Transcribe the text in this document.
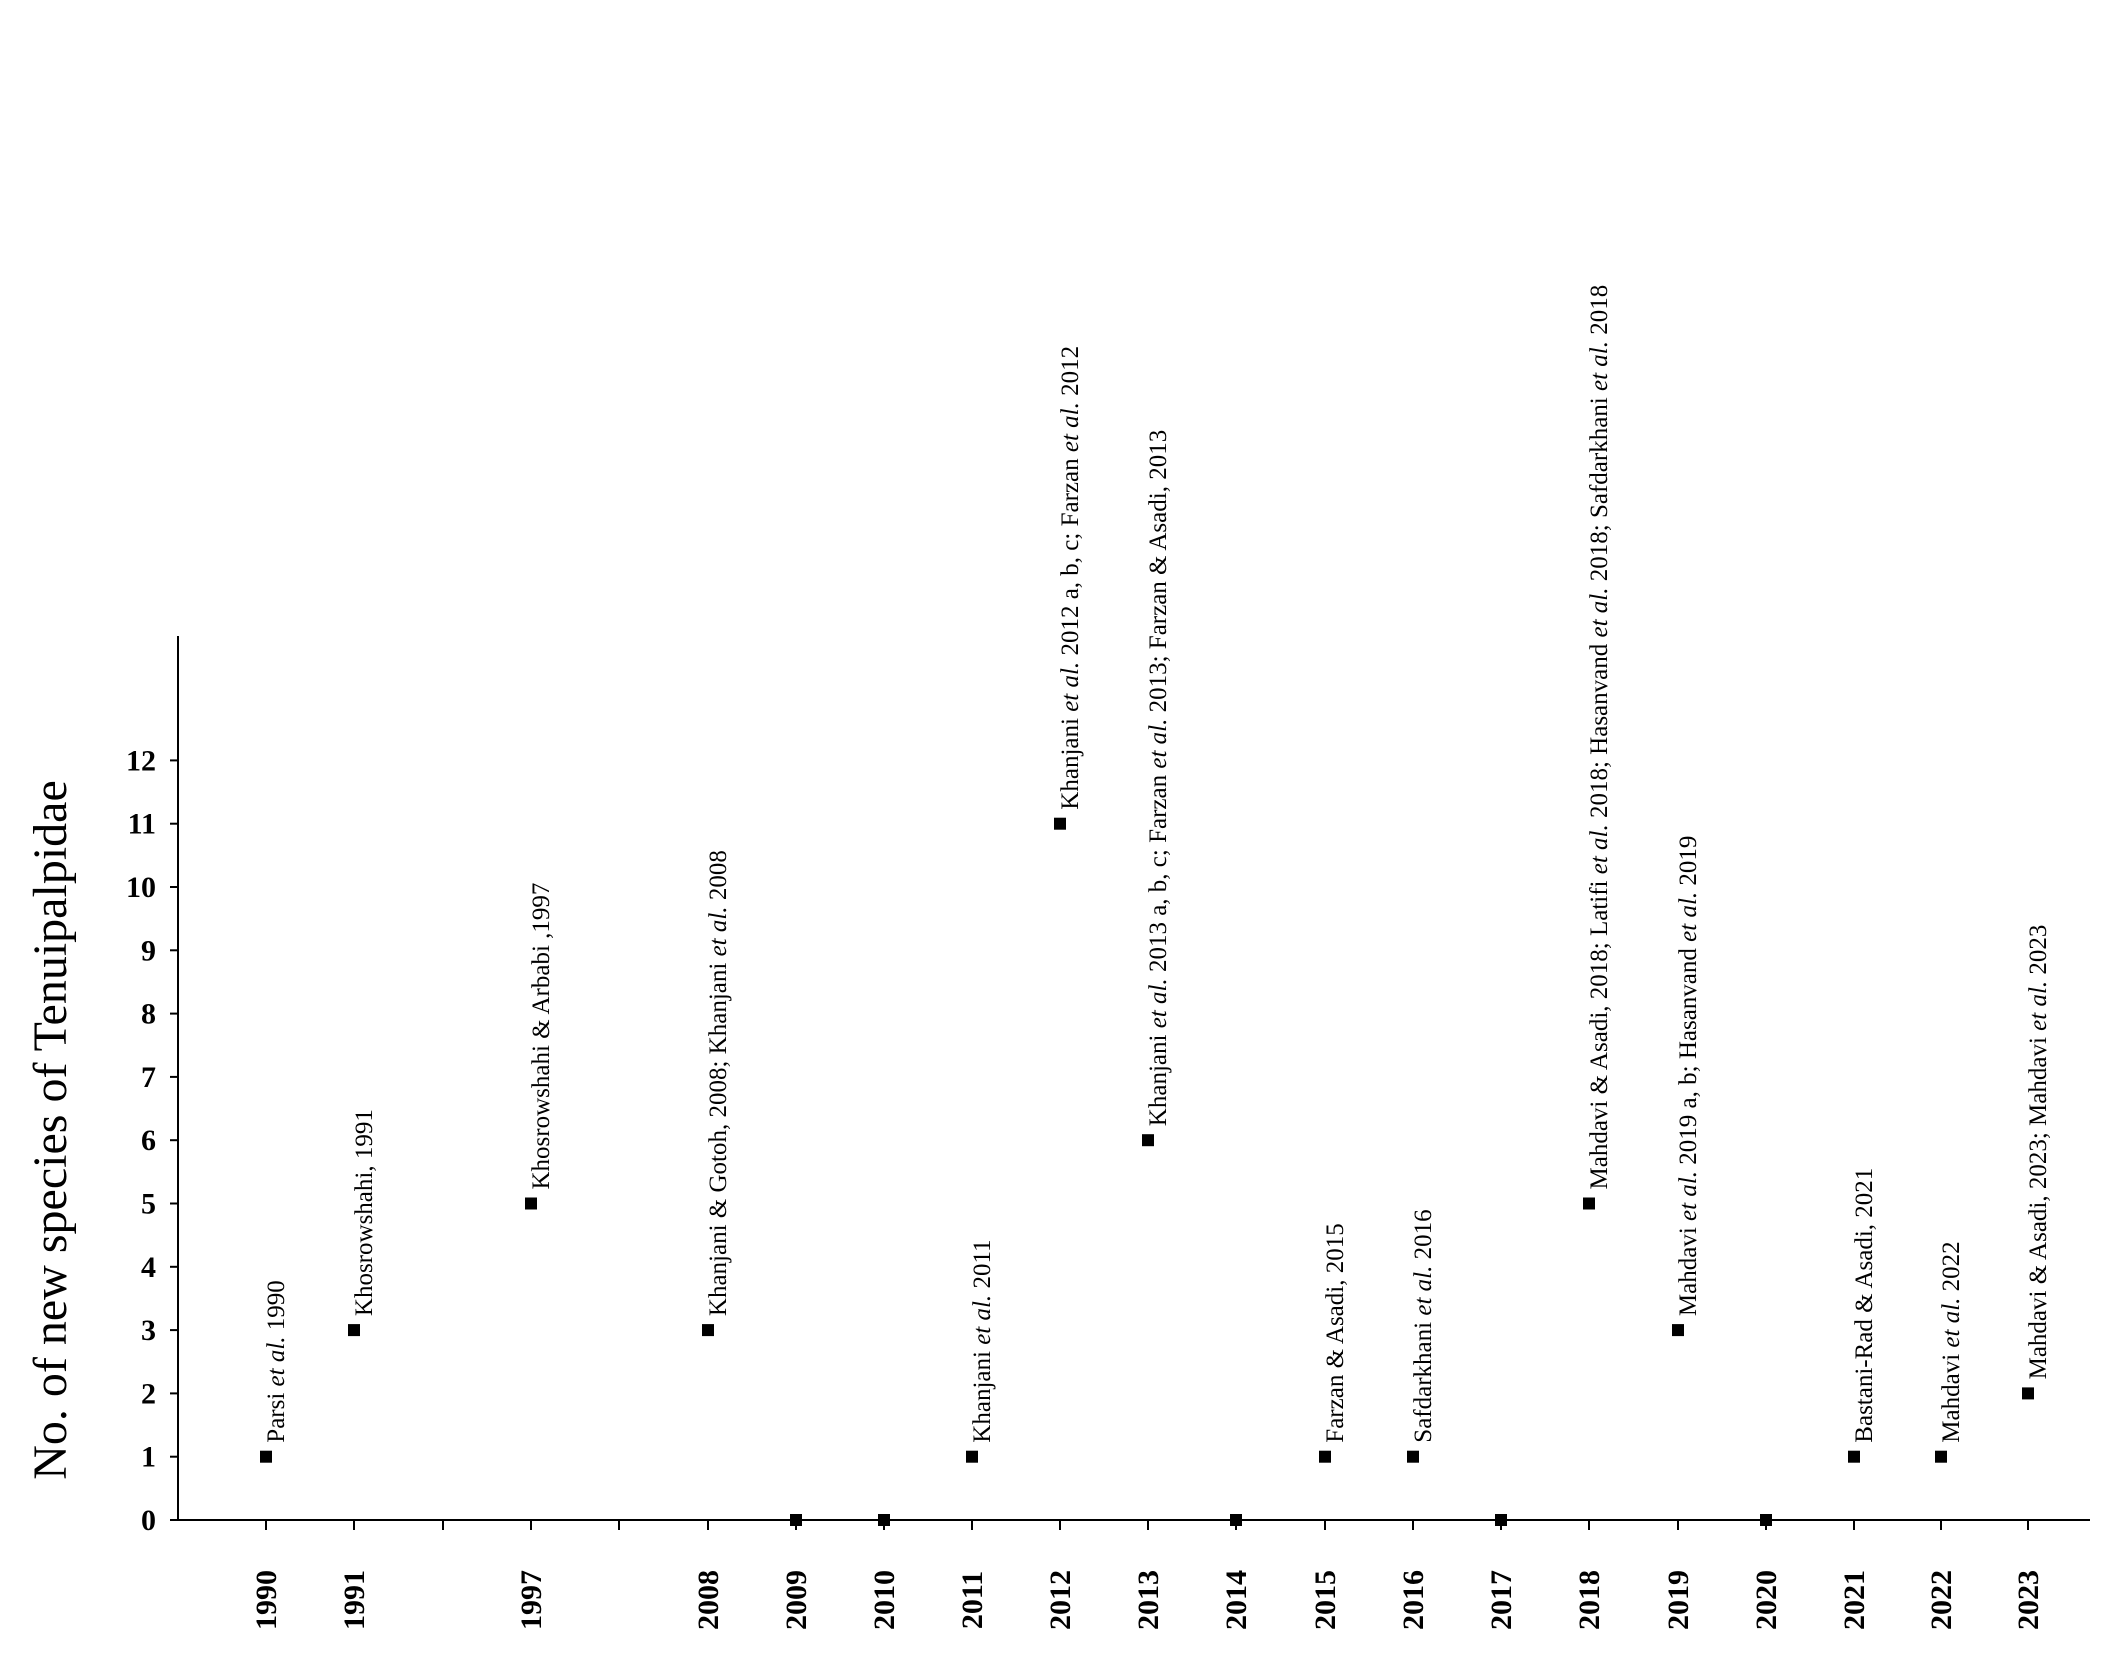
0
1
2
3
4
5
6
7
8
9
10
11
12
1990 1991	1997	2008 2009 2010 2011 2012 2013 2014 2015 2016 2017 2018 2019 2020 2021 2022 2023
Parsi et al. 1990 Khosrowshahi, 1991
Khosrowshahi & Arbabi ,1997	Khanjani & Gotoh, 2008; Khanjani et al. 2008
Khanjani et al. 2011
Khanjani et al. 2012 a, b, c; Farzan et al. 2012
Khanjani et al. 2013 a, b, c; Farzan et al. 2013; Farzan & Asadi, 2013
Farzan & Asadi, 2015 Safdarkhani et al. 2016
Mahdavi & Asadi, 2018; Latifi et al. 2018; Hasanvand et al. 2018; Safdarkhani et al. 2018
Mahdavi et al. 2019 a, b; Hasanvand et al. 2019
Bastani-Rad & Asadi, 2021 Mahdavi et al. 2022 Mahdavi & Asadi, 2023; Mahdavi et al. 2023
No. of new species of Tenuipalpidae
